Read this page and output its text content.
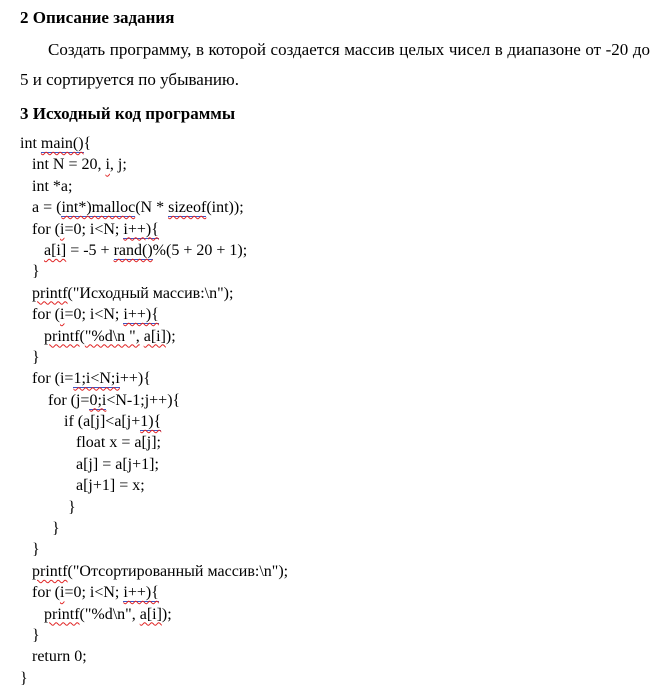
2 Описание задания

Создать программу, в которой создается массив целых чисел в диапазоне от -20 до 5 и сортируется по убыванию.

3 Исходный код программы
int main(){
int N = 20, i, j;
int *a;
a = (int*)malloc(N * sizeof(int));
for (i=0; i<N; i++){
a[i] = -5 + rand()%(5 + 20 + 1);
}
printf("Исходный массив:\n");
for (i=0; i<N; i++){
printf("%d\n ", a[i]);
}
for (i=1;i<N;i++){
for (j=0;i<N-1;j++){
if (a[j]<a[j+1){
float x = a[j];
a[j] = a[j+1];
a[j+1] = x;
}
}
}
printf("Отсортированный массив:\n");
for (i=0; i<N; i++){
printf("%d\n", a[i]);
}
return 0;
}
